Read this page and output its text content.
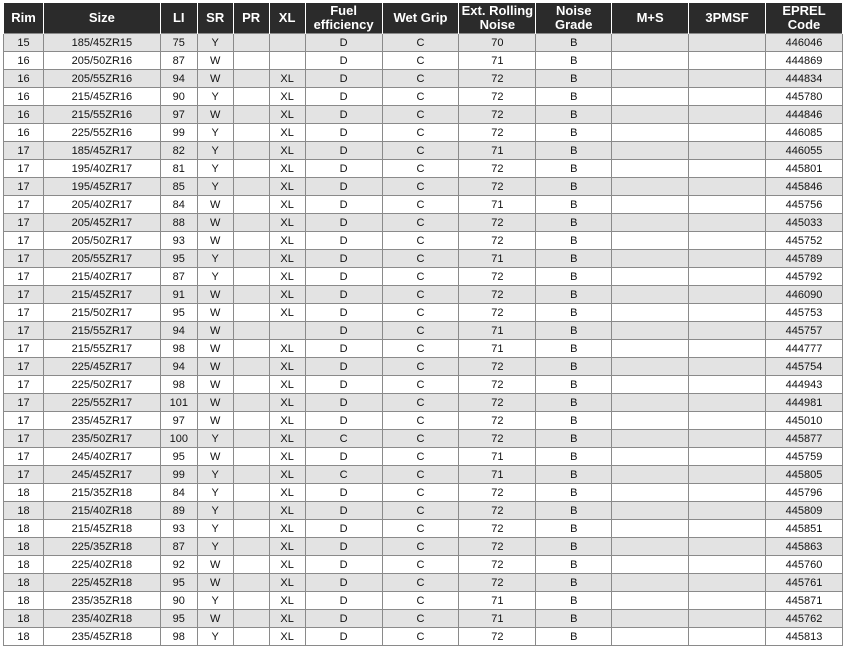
Rim	Size	LI	SR	PR	XL	Fuel efficiency	Wet Grip	Ext. Rolling Noise	Noise Grade	M+S	3PMSF	EPREL Code
15	185/45ZR15	75	Y			D	C	70	B			446046
16	205/50ZR16	87	W			D	C	71	B			444869
16	205/55ZR16	94	W		XL	D	C	72	B			444834
16	215/45ZR16	90	Y		XL	D	C	72	B			445780
16	215/55ZR16	97	W		XL	D	C	72	B			444846
16	225/55ZR16	99	Y		XL	D	C	72	B			446085
17	185/45ZR17	82	Y		XL	D	C	71	B			446055
17	195/40ZR17	81	Y		XL	D	C	72	B			445801
17	195/45ZR17	85	Y		XL	D	C	72	B			445846
17	205/40ZR17	84	W		XL	D	C	71	B			445756
17	205/45ZR17	88	W		XL	D	C	72	B			445033
17	205/50ZR17	93	W		XL	D	C	72	B			445752
17	205/55ZR17	95	Y		XL	D	C	71	B			445789
17	215/40ZR17	87	Y		XL	D	C	72	B			445792
17	215/45ZR17	91	W		XL	D	C	72	B			446090
17	215/50ZR17	95	W		XL	D	C	72	B			445753
17	215/55ZR17	94	W			D	C	71	B			445757
17	215/55ZR17	98	W		XL	D	C	71	B			444777
17	225/45ZR17	94	W		XL	D	C	72	B			445754
17	225/50ZR17	98	W		XL	D	C	72	B			444943
17	225/55ZR17	101	W		XL	D	C	72	B			444981
17	235/45ZR17	97	W		XL	D	C	72	B			445010
17	235/50ZR17	100	Y		XL	C	C	72	B			445877
17	245/40ZR17	95	W		XL	D	C	71	B			445759
17	245/45ZR17	99	Y		XL	C	C	71	B			445805
18	215/35ZR18	84	Y		XL	D	C	72	B			445796
18	215/40ZR18	89	Y		XL	D	C	72	B			445809
18	215/45ZR18	93	Y		XL	D	C	72	B			445851
18	225/35ZR18	87	Y		XL	D	C	72	B			445863
18	225/40ZR18	92	W		XL	D	C	72	B			445760
18	225/45ZR18	95	W		XL	D	C	72	B			445761
18	235/35ZR18	90	Y		XL	D	C	71	B			445871
18	235/40ZR18	95	W		XL	D	C	71	B			445762
18	235/45ZR18	98	Y		XL	D	C	72	B			445813
